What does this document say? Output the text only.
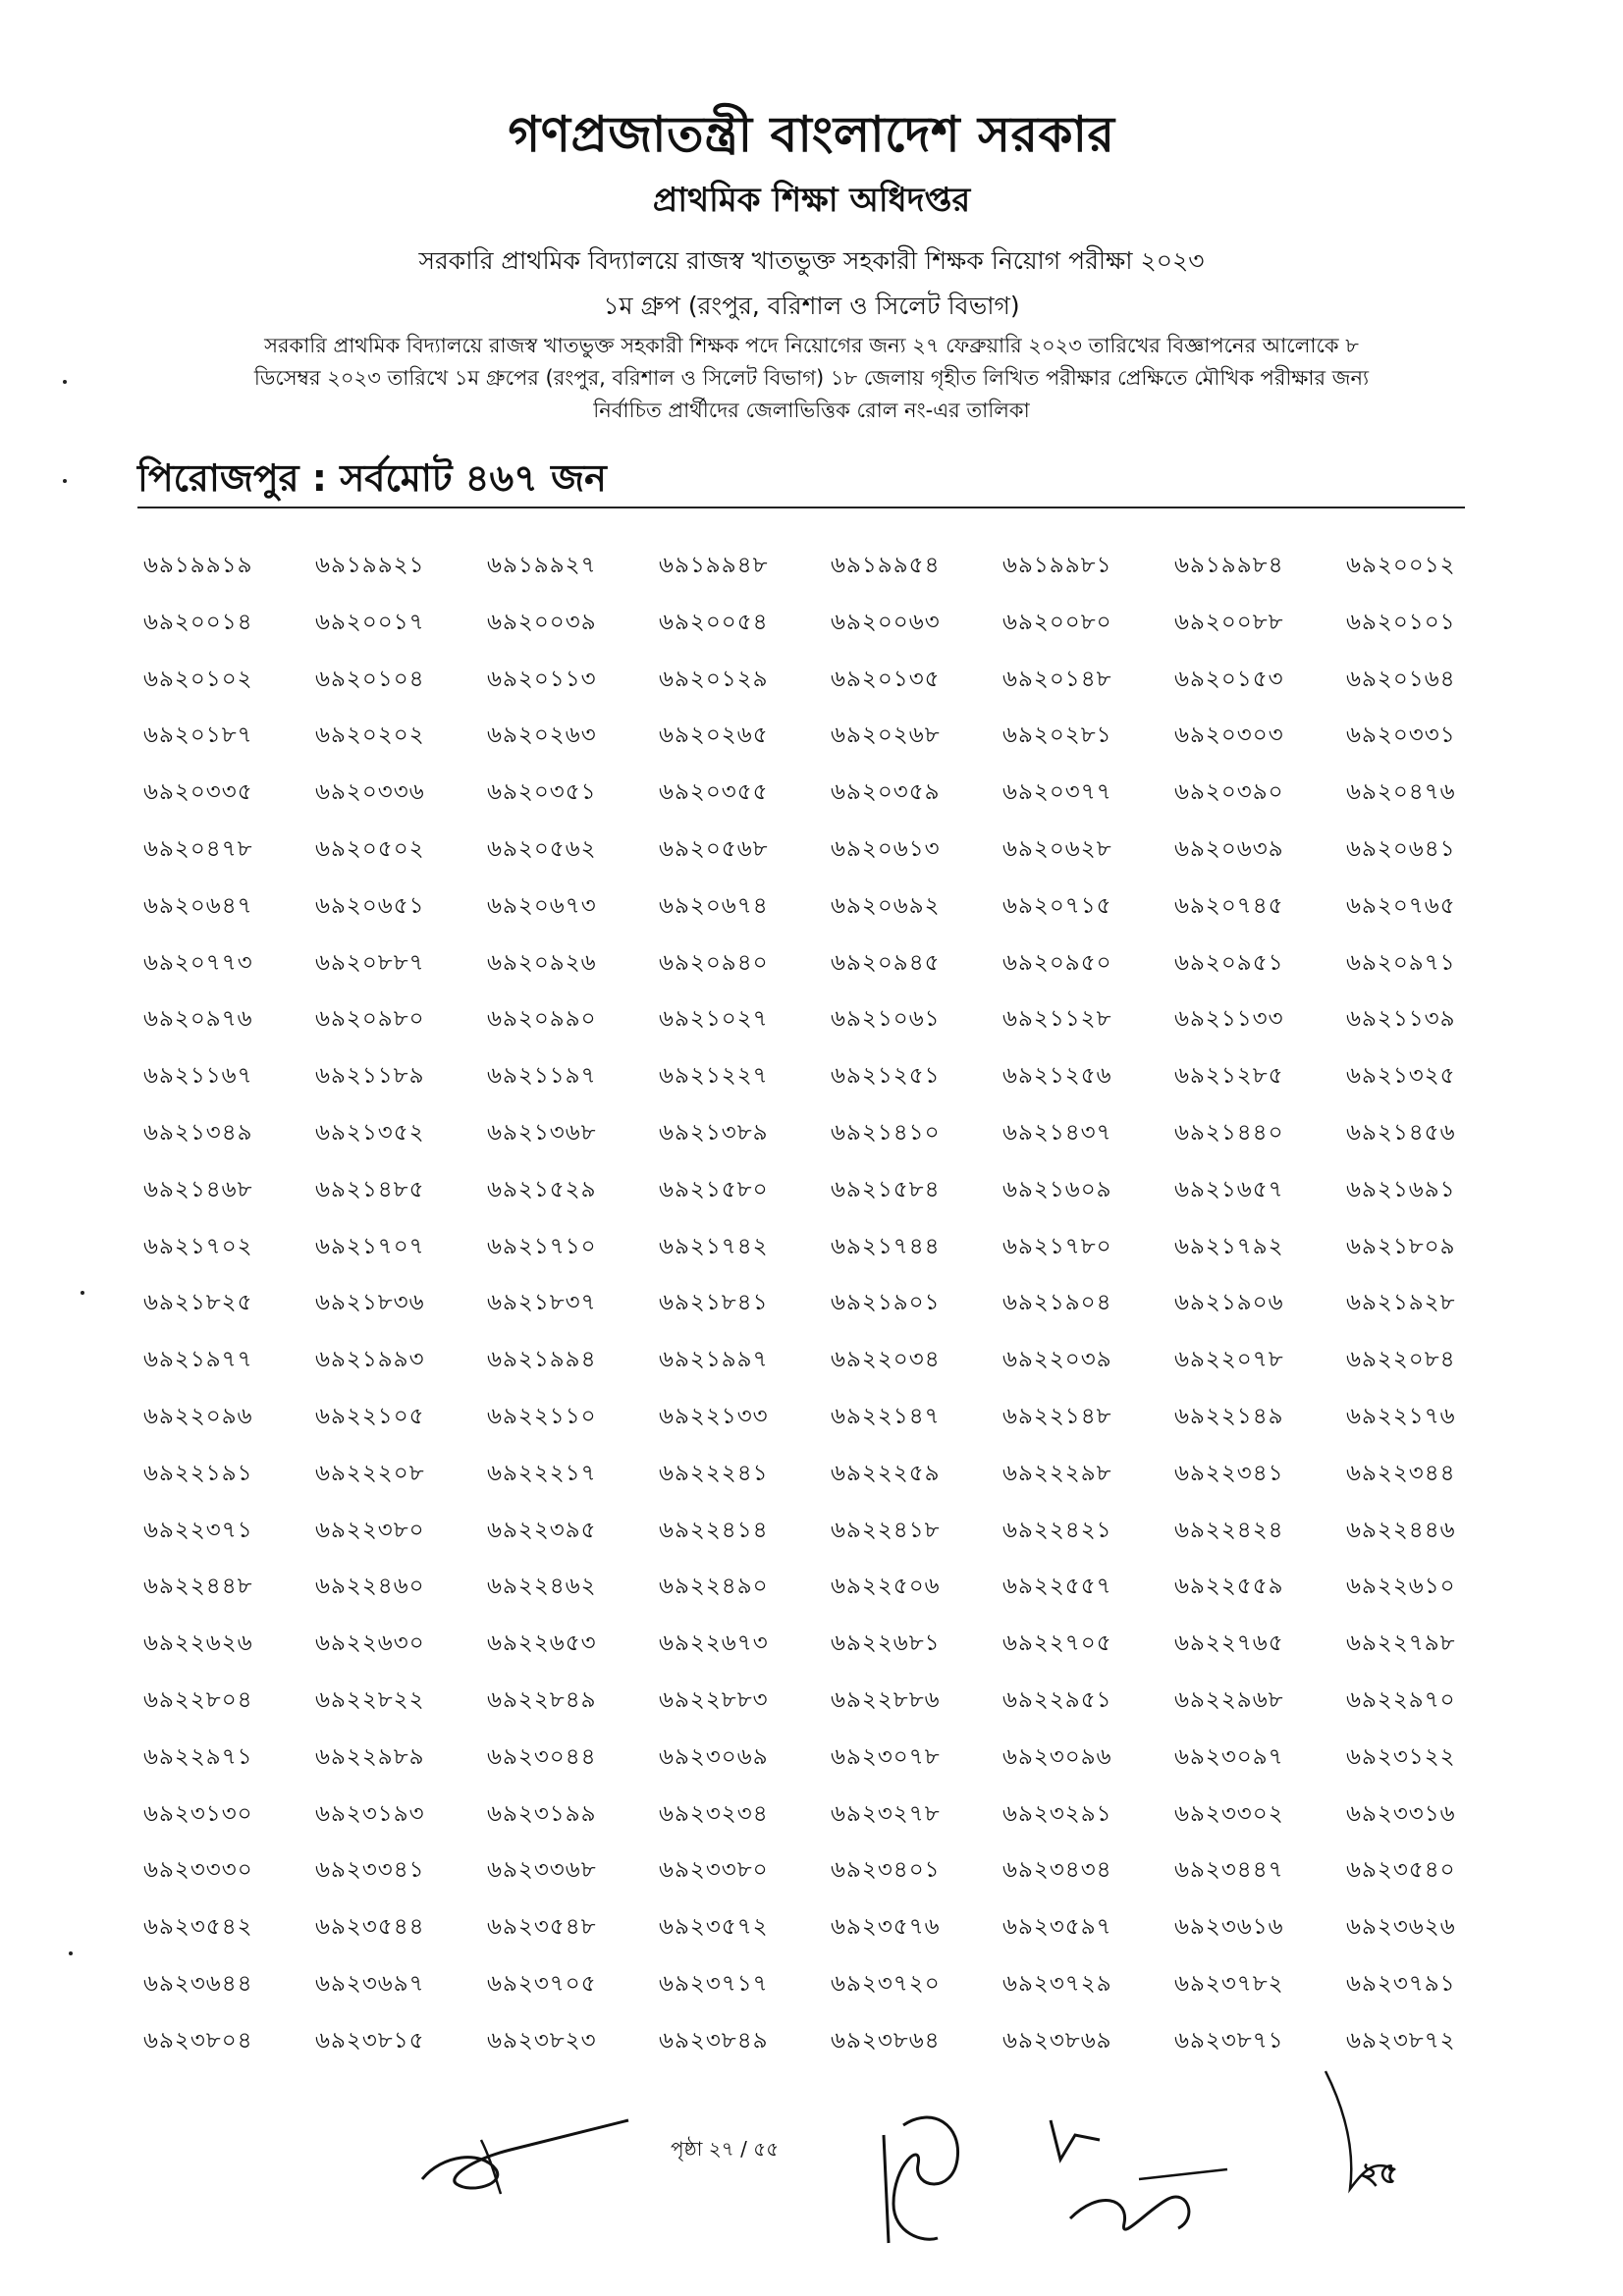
গণপ্রজাতন্ত্রী বাংলাদেশ সরকার
প্রাথমিক শিক্ষা অধিদপ্তর
সরকারি প্রাথমিক বিদ্যালয়ে রাজস্ব খাতভুক্ত সহকারী শিক্ষক নিয়োগ পরীক্ষা ২০২৩
১ম গ্রুপ (রংপুর, বরিশাল ও সিলেট বিভাগ)
সরকারি প্রাথমিক বিদ্যালয়ে রাজস্ব খাতভুক্ত সহকারী শিক্ষক পদে নিয়োগের জন্য ২৭ ফেব্রুয়ারি ২০২৩ তারিখের বিজ্ঞাপনের আলোকে ৮
ডিসেম্বর ২০২৩ তারিখে ১ম গ্রুপের (রংপুর, বরিশাল ও সিলেট বিভাগ) ১৮ জেলায় গৃহীত লিখিত পরীক্ষার প্রেক্ষিতে মৌখিক পরীক্ষার জন্য
নির্বাচিত প্রার্থীদের জেলাভিত্তিক রোল নং-এর তালিকা
পিরোজপুর : সর্বমোট ৪৬৭ জন
৬৯১৯৯১৯	৬৯১৯৯২১	৬৯১৯৯২৭	৬৯১৯৯৪৮	৬৯১৯৯৫৪	৬৯১৯৯৮১	৬৯১৯৯৮৪	৬৯২০০১২
৬৯২০০১৪	৬৯২০০১৭	৬৯২০০৩৯	৬৯২০০৫৪	৬৯২০০৬৩	৬৯২০০৮০	৬৯২০০৮৮	৬৯২০১০১
৬৯২০১০২	৬৯২০১০৪	৬৯২০১১৩	৬৯২০১২৯	৬৯২০১৩৫	৬৯২০১৪৮	৬৯২০১৫৩	৬৯২০১৬৪
৬৯২০১৮৭	৬৯২০২০২	৬৯২০২৬৩	৬৯২০২৬৫	৬৯২০২৬৮	৬৯২০২৮১	৬৯২০৩০৩	৬৯২০৩৩১
৬৯২০৩৩৫	৬৯২০৩৩৬	৬৯২০৩৫১	৬৯২০৩৫৫	৬৯২০৩৫৯	৬৯২০৩৭৭	৬৯২০৩৯০	৬৯২০৪৭৬
৬৯২০৪৭৮	৬৯২০৫০২	৬৯২০৫৬২	৬৯২০৫৬৮	৬৯২০৬১৩	৬৯২০৬২৮	৬৯২০৬৩৯	৬৯২০৬৪১
৬৯২০৬৪৭	৬৯২০৬৫১	৬৯২০৬৭৩	৬৯২০৬৭৪	৬৯২০৬৯২	৬৯২০৭১৫	৬৯২০৭৪৫	৬৯২০৭৬৫
৬৯২০৭৭৩	৬৯২০৮৮৭	৬৯২০৯২৬	৬৯২০৯৪০	৬৯২০৯৪৫	৬৯২০৯৫০	৬৯২০৯৫১	৬৯২০৯৭১
৬৯২০৯৭৬	৬৯২০৯৮০	৬৯২০৯৯০	৬৯২১০২৭	৬৯২১০৬১	৬৯২১১২৮	৬৯২১১৩৩	৬৯২১১৩৯
৬৯২১১৬৭	৬৯২১১৮৯	৬৯২১১৯৭	৬৯২১২২৭	৬৯২১২৫১	৬৯২১২৫৬	৬৯২১২৮৫	৬৯২১৩২৫
৬৯২১৩৪৯	৬৯২১৩৫২	৬৯২১৩৬৮	৬৯২১৩৮৯	৬৯২১৪১০	৬৯২১৪৩৭	৬৯২১৪৪০	৬৯২১৪৫৬
৬৯২১৪৬৮	৬৯২১৪৮৫	৬৯২১৫২৯	৬৯২১৫৮০	৬৯২১৫৮৪	৬৯২১৬০৯	৬৯২১৬৫৭	৬৯২১৬৯১
৬৯২১৭০২	৬৯২১৭০৭	৬৯২১৭১০	৬৯২১৭৪২	৬৯২১৭৪৪	৬৯২১৭৮০	৬৯২১৭৯২	৬৯২১৮০৯
৬৯২১৮২৫	৬৯২১৮৩৬	৬৯২১৮৩৭	৬৯২১৮৪১	৬৯২১৯০১	৬৯২১৯০৪	৬৯২১৯০৬	৬৯২১৯২৮
৬৯২১৯৭৭	৬৯২১৯৯৩	৬৯২১৯৯৪	৬৯২১৯৯৭	৬৯২২০৩৪	৬৯২২০৩৯	৬৯২২০৭৮	৬৯২২০৮৪
৬৯২২০৯৬	৬৯২২১০৫	৬৯২২১১০	৬৯২২১৩৩	৬৯২২১৪৭	৬৯২২১৪৮	৬৯২২১৪৯	৬৯২২১৭৬
৬৯২২১৯১	৬৯২২২০৮	৬৯২২২১৭	৬৯২২২৪১	৬৯২২২৫৯	৬৯২২২৯৮	৬৯২২৩৪১	৬৯২২৩৪৪
৬৯২২৩৭১	৬৯২২৩৮০	৬৯২২৩৯৫	৬৯২২৪১৪	৬৯২২৪১৮	৬৯২২৪২১	৬৯২২৪২৪	৬৯২২৪৪৬
৬৯২২৪৪৮	৬৯২২৪৬০	৬৯২২৪৬২	৬৯২২৪৯০	৬৯২২৫০৬	৬৯২২৫৫৭	৬৯২২৫৫৯	৬৯২২৬১০
৬৯২২৬২৬	৬৯২২৬৩০	৬৯২২৬৫৩	৬৯২২৬৭৩	৬৯২২৬৮১	৬৯২২৭০৫	৬৯২২৭৬৫	৬৯২২৭৯৮
৬৯২২৮০৪	৬৯২২৮২২	৬৯২২৮৪৯	৬৯২২৮৮৩	৬৯২২৮৮৬	৬৯২২৯৫১	৬৯২২৯৬৮	৬৯২২৯৭০
৬৯২২৯৭১	৬৯২২৯৮৯	৬৯২৩০৪৪	৬৯২৩০৬৯	৬৯২৩০৭৮	৬৯২৩০৯৬	৬৯২৩০৯৭	৬৯২৩১২২
৬৯২৩১৩০	৬৯২৩১৯৩	৬৯২৩১৯৯	৬৯২৩২৩৪	৬৯২৩২৭৮	৬৯২৩২৯১	৬৯২৩৩০২	৬৯২৩৩১৬
৬৯২৩৩৩০	৬৯২৩৩৪১	৬৯২৩৩৬৮	৬৯২৩৩৮০	৬৯২৩৪০১	৬৯২৩৪৩৪	৬৯২৩৪৪৭	৬৯২৩৫৪০
৬৯২৩৫৪২	৬৯২৩৫৪৪	৬৯২৩৫৪৮	৬৯২৩৫৭২	৬৯২৩৫৭৬	৬৯২৩৫৯৭	৬৯২৩৬১৬	৬৯২৩৬২৬
৬৯২৩৬৪৪	৬৯২৩৬৯৭	৬৯২৩৭০৫	৬৯২৩৭১৭	৬৯২৩৭২০	৬৯২৩৭২৯	৬৯২৩৭৮২	৬৯২৩৭৯১
৬৯২৩৮০৪	৬৯২৩৮১৫	৬৯২৩৮২৩	৬৯২৩৮৪৯	৬৯২৩৮৬৪	৬৯২৩৮৬৯	৬৯২৩৮৭১	৬৯২৩৮৭২
পৃষ্ঠা ২৭ / ৫৫
২৫
